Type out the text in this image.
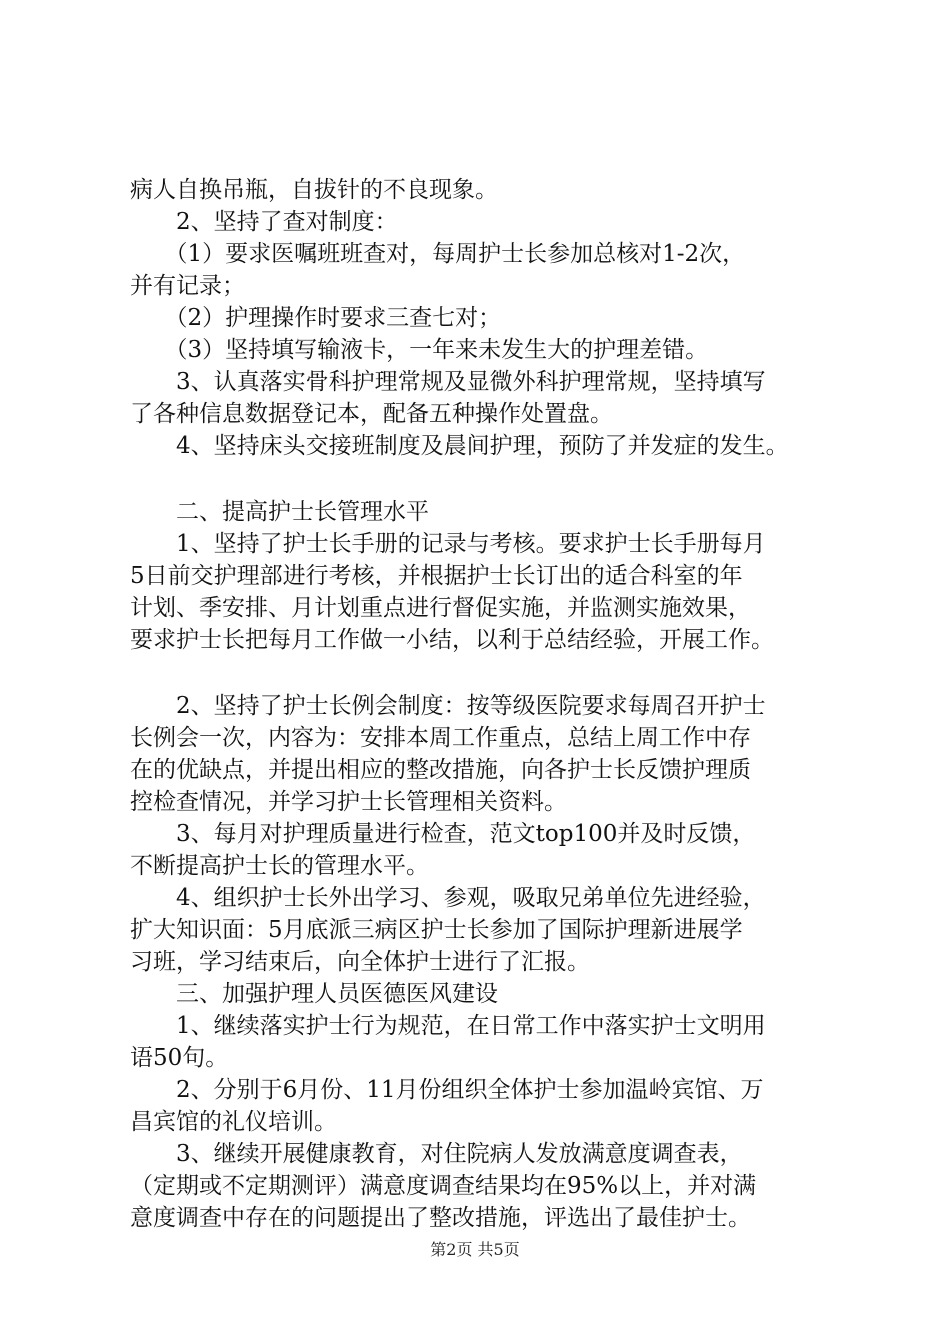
病人自换吊瓶，自拔针的不良现象。
　　2、坚持了查对制度：
　　（1）要求医嘱班班查对，每周护士长参加总核对1-2次，
并有记录；
　　（2）护理操作时要求三查七对；
　　（3）坚持填写输液卡，一年来未发生大的护理差错。
　　3、认真落实骨科护理常规及显微外科护理常规，坚持填写
了各种信息数据登记本，配备五种操作处置盘。
　　4、坚持床头交接班制度及晨间护理，预防了并发症的发生。
　　二、提高护士长管理水平
　　1、坚持了护士长手册的记录与考核。要求护士长手册每月
5日前交护理部进行考核，并根据护士长订出的适合科室的年
计划、季安排、月计划重点进行督促实施，并监测实施效果，
要求护士长把每月工作做一小结，以利于总结经验，开展工作。
　　2、坚持了护士长例会制度：按等级医院要求每周召开护士
长例会一次，内容为：安排本周工作重点，总结上周工作中存
在的优缺点，并提出相应的整改措施，向各护士长反馈护理质
控检查情况，并学习护士长管理相关资料。
　　3、每月对护理质量进行检查，范文top100并及时反馈，
不断提高护士长的管理水平。
　　4、组织护士长外出学习、参观，吸取兄弟单位先进经验，
扩大知识面：5月底派三病区护士长参加了国际护理新进展学
习班，学习结束后，向全体护士进行了汇报。
　　三、加强护理人员医德医风建设
　　1、继续落实护士行为规范，在日常工作中落实护士文明用
语50句。
　　2、分别于6月份、11月份组织全体护士参加温岭宾馆、万
昌宾馆的礼仪培训。
　　3、继续开展健康教育，对住院病人发放满意度调查表，
（定期或不定期测评）满意度调查结果均在95%以上，并对满
意度调查中存在的问题提出了整改措施，评选出了最佳护士。
第2页 共5页
